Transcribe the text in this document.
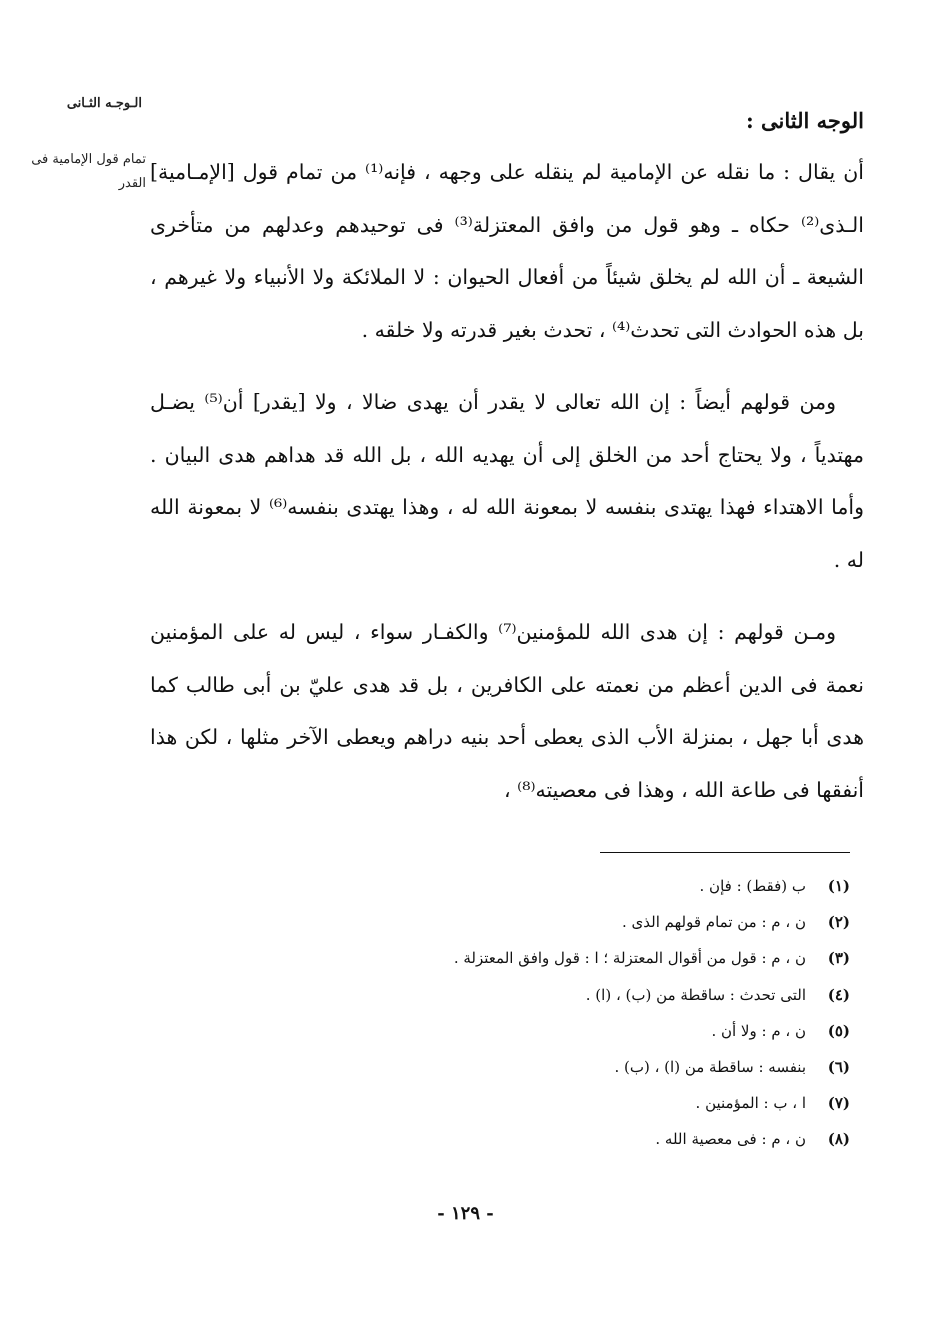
الـوجـه الثـانى
تمام قول الإمامية فى القدر
الوجه الثانى :

أن يقال : ما نقله عن الإمامية لم ينقله على وجهه ، فإنه⁽¹⁾ من تمام قول [الإمـامية] الـذى⁽²⁾ حكاه ـ وهو قول من وافق المعتزلة⁽³⁾ فى توحيدهم وعدلهم من متأخرى الشيعة ـ أن الله لم يخلق شيئاً من أفعال الحيوان : لا الملائكة ولا الأنبياء ولا غيرهم ، بل هذه الحوادث التى تحدث⁽⁴⁾ ، تحدث بغير قدرته ولا خلقه .

ومن قولهم أيضاً : إن الله تعالى لا يقدر أن يهدى ضالا ، ولا [يقدر] أن⁽⁵⁾ يضـل مهتدياً ، ولا يحتاج أحد من الخلق إلى أن يهديه الله ، بل الله قد هداهم هدى البيان . وأما الاهتداء فهذا يهتدى بنفسه لا بمعونة الله له ، وهذا يهتدى بنفسه⁽⁶⁾ لا بمعونة الله له .

ومـن قولهم : إن هدى الله للمؤمنين⁽⁷⁾ والكفـار سواء ، ليس له على المؤمنين نعمة فى الدين أعظم من نعمته على الكافرين ، بل قد هدى عليّ بن أبى طالب كما هدى أبا جهل ، بمنزلة الأب الذى يعطى أحد بنيه دراهم ويعطى الآخر مثلها ، لكن هذا أنفقها فى طاعة الله ، وهذا فى معصيته⁽⁸⁾ ،

(١)ب (فقط) : فإن .
(٢)ن ، م : من تمام قولهم الذى .
(٣)ن ، م : قول من أقوال المعتزلة ؛ ا : قول وافق المعتزلة .
(٤)التى تحدث : ساقطة من (ب) ، (ا) .
(٥)ن ، م : ولا أن .
(٦)بنفسه : ساقطة من (ا) ، (ب) .
(٧)ا ، ب : المؤمنين .
(٨)ن ، م : فى معصية الله .
- ١٢٩ -
